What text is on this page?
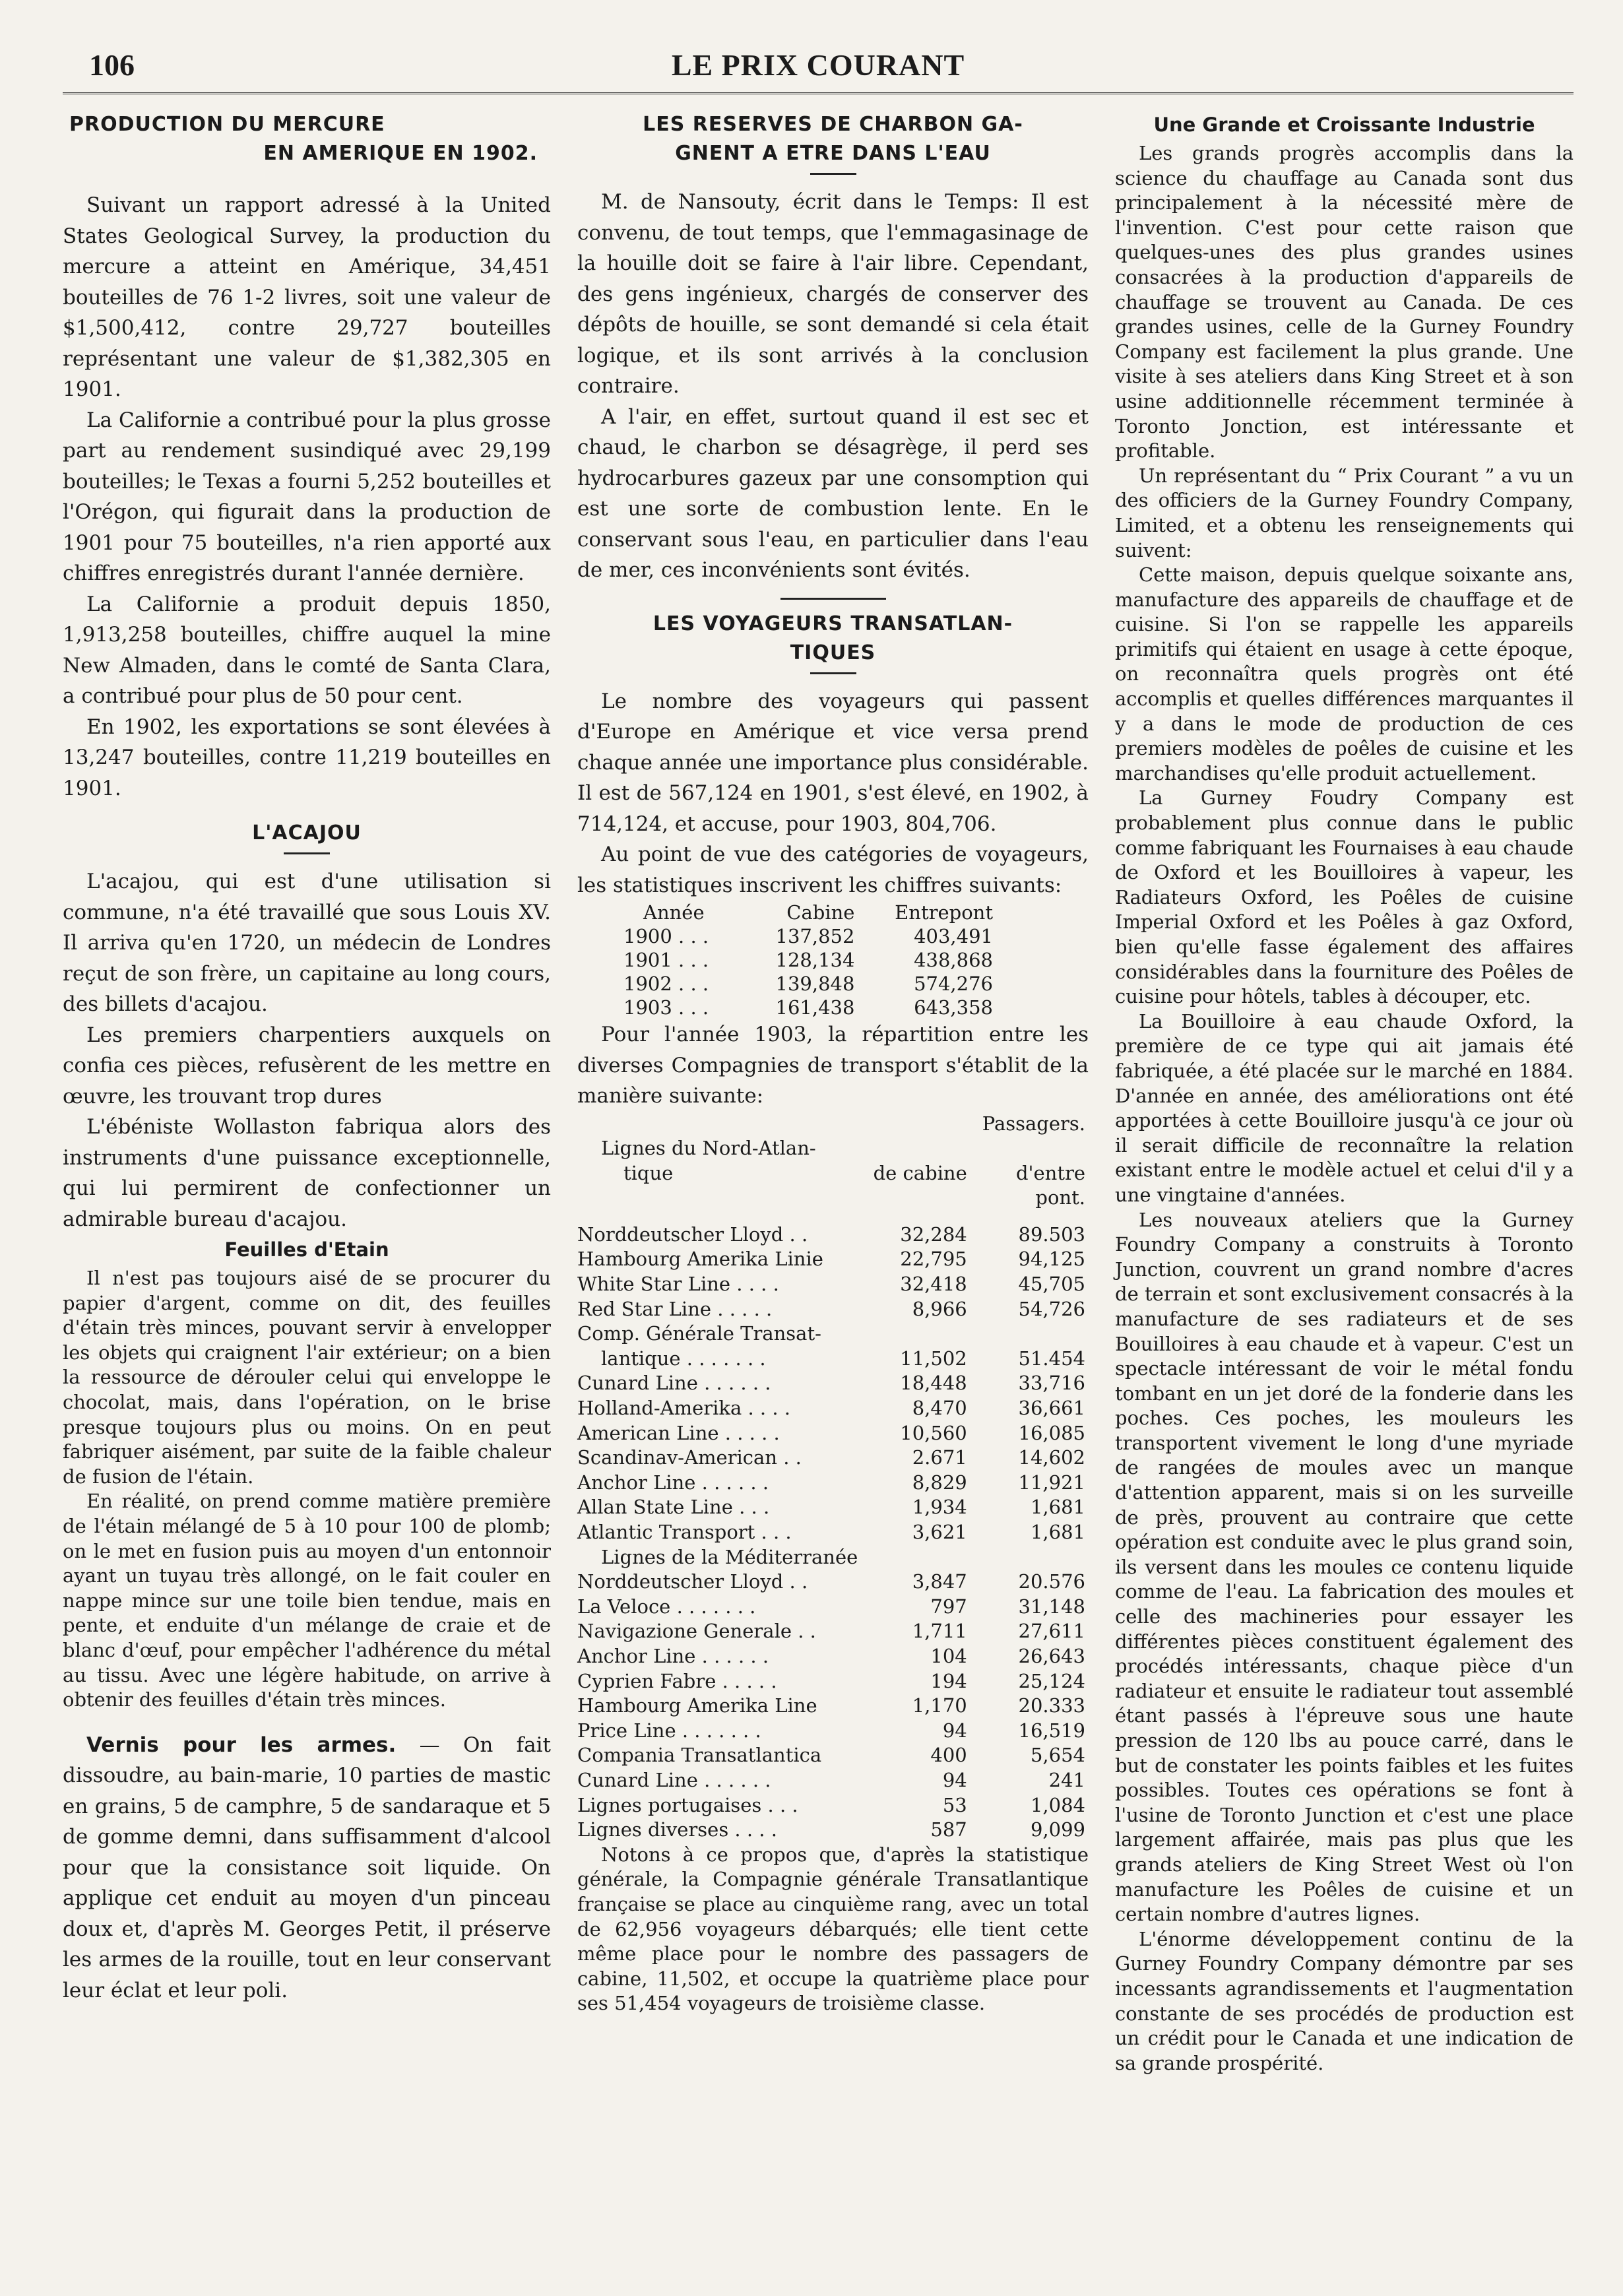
106	LE PRIX COURANT
PRODUCTION DU MERCURE
EN AMERIQUE EN 1902.

Suivant un rapport adressé à la United States Geological Survey, la production du mercure a atteint en Amérique, 34,451 bouteilles de 76 1-2 livres, soit une valeur de $1,500,412, contre 29,727 bouteilles représentant une valeur de $1,382,305 en 1901.

La Californie a contribué pour la plus grosse part au rendement susindiqué avec 29,199 bouteilles; le Texas a fourni 5,252 bouteilles et l'Orégon, qui figurait dans la production de 1901 pour 75 bouteilles, n'a rien apporté aux chiffres enregistrés durant l'année dernière.

La Californie a produit depuis 1850, 1,913,258 bouteilles, chiffre auquel la mine New Almaden, dans le comté de Santa Clara, a contribué pour plus de 50 pour cent.

En 1902, les exportations se sont élevées à 13,247 bouteilles, contre 11,219 bouteilles en 1901.

L'ACAJOU

L'acajou, qui est d'une utilisation si commune, n'a été travaillé que sous Louis XV. Il arriva qu'en 1720, un médecin de Londres reçut de son frère, un capitaine au long cours, des billets d'acajou.

Les premiers charpentiers auxquels on confia ces pièces, refusèrent de les mettre en œuvre, les trouvant trop dures

L'ébéniste Wollaston fabriqua alors des instruments d'une puissance exceptionnelle, qui lui permirent de confectionner un admirable bureau d'acajou.

Feuilles d'Etain

Il n'est pas toujours aisé de se procurer du papier d'argent, comme on dit, des feuilles d'étain très minces, pouvant servir à envelopper les objets qui craignent l'air extérieur; on a bien la ressource de dérouler celui qui enveloppe le chocolat, mais, dans l'opération, on le brise presque toujours plus ou moins. On en peut fabriquer aisément, par suite de la faible chaleur de fusion de l'étain.

En réalité, on prend comme matière première de l'étain mélangé de 5 à 10 pour 100 de plomb; on le met en fusion puis au moyen d'un entonnoir ayant un tuyau très allongé, on le fait couler en nappe mince sur une toile bien tendue, mais en pente, et enduite d'un mélange de craie et de blanc d'œuf, pour empêcher l'adhérence du métal au tissu. Avec une légère habitude, on arrive à obtenir des feuilles d'étain très minces.

Vernis pour les armes. — On fait dissoudre, au bain-marie, 10 parties de mastic en grains, 5 de camphre, 5 de sandaraque et 5 de gomme demni, dans suffisamment d'alcool pour que la consistance soit liquide. On applique cet enduit au moyen d'un pinceau doux et, d'après M. Georges Petit, il préserve les armes de la rouille, tout en leur conservant leur éclat et leur poli.
LES RESERVES DE CHARBON GA-
GNENT A ETRE DANS L'EAU

M. de Nansouty, écrit dans le Temps: Il est convenu, de tout temps, que l'emmagasinage de la houille doit se faire à l'air libre. Cependant, des gens ingénieux, chargés de conserver des dépôts de houille, se sont demandé si cela était logique, et ils sont arrivés à la conclusion contraire.

A l'air, en effet, surtout quand il est sec et chaud, le charbon se désagrège, il perd ses hydrocarbures gazeux par une consomption qui est une sorte de combustion lente. En le conservant sous l'eau, en particulier dans l'eau de mer, ces inconvénients sont évités.

LES VOYAGEURS TRANSATLAN-
TIQUES

Le nombre des voyageurs qui passent d'Europe en Amérique et vice versa prend chaque année une importance plus considérable. Il est de 567,124 en 1901, s'est élevé, en 1902, à 714,124, et accuse, pour 1903, 804,706.

Au point de vue des catégories de voyageurs, les statistiques inscrivent les chiffres suivants:

Année	Cabine	Entrepont
1900 . . .	137,852	403,491
1901 . . .	128,134	438,868
1902 . . .	139,848	574,276
1903 . . .	161,438	643,358

Pour l'année 1903, la répartition entre les diverses Compagnies de transport s'établit de la manière suivante:

		Passagers.
Lignes du Nord-Atlan-		
tique	de cabine	d'entre
		pont.

Norddeutscher Lloyd . .	32,284	89.503
Hambourg Amerika Linie	22,795	94,125
White Star Line . . . .	32,418	45,705
Red Star Line . . . . .	8,966	54,726
Comp. Générale Transat-		
lantique . . . . . . .	11,502	51.454
Cunard Line . . . . . .	18,448	33,716
Holland-Amerika . . . .	8,470	36,661
American Line . . . . .	10,560	16,085
Scandinav-American . .	2.671	14,602
Anchor Line . . . . . .	8,829	11,921
Allan State Line . . .	1,934	1,681
Atlantic Transport . . .	3,621	1,681
Lignes de la Méditerranée		
Norddeutscher Lloyd . .	3,847	20.576
La Veloce . . . . . . .	797	31,148
Navigazione Generale . .	1,711	27,611
Anchor Line . . . . . .	104	26,643
Cyprien Fabre . . . . .	194	25,124
Hambourg Amerika Line	1,170	20.333
Price Line . . . . . . .	94	16,519
Compania Transatlantica	400	5,654
Cunard Line . . . . . .	94	241
Lignes portugaises . . .	53	1,084
Lignes diverses . . . .	587	9,099

Notons à ce propos que, d'après la statistique générale, la Compagnie générale Transatlantique française se place au cinquième rang, avec un total de 62,956 voyageurs débarqués; elle tient cette même place pour le nombre des passagers de cabine, 11,502, et occupe la quatrième place pour ses 51,454 voyageurs de troisième classe.

Une Grande et Croissante Industrie

Les grands progrès accomplis dans la science du chauffage au Canada sont dus principalement à la nécessité mère de l'invention. C'est pour cette raison que quelques-unes des plus grandes usines consacrées à la production d'appareils de chauffage se trouvent au Canada. De ces grandes usines, celle de la Gurney Foundry Company est facilement la plus grande. Une visite à ses ateliers dans King Street et à son usine additionnelle récemment terminée à Toronto Jonction, est intéressante et profitable.

Un représentant du “ Prix Courant ” a vu un des officiers de la Gurney Foundry Company, Limited, et a obtenu les renseignements qui suivent:

Cette maison, depuis quelque soixante ans, manufacture des appareils de chauffage et de cuisine. Si l'on se rappelle les appareils primitifs qui étaient en usage à cette époque, on reconnaîtra quels progrès ont été accomplis et quelles différences marquantes il y a dans le mode de production de ces premiers modèles de poêles de cuisine et les marchandises qu'elle produit actuellement.

La Gurney Foudry Company est probablement plus connue dans le public comme fabriquant les Fournaises à eau chaude de Oxford et les Bouilloires à vapeur, les Radiateurs Oxford, les Poêles de cuisine Imperial Oxford et les Poêles à gaz Oxford, bien qu'elle fasse également des affaires considérables dans la fourniture des Poêles de cuisine pour hôtels, tables à découper, etc.

La Bouilloire à eau chaude Oxford, la première de ce type qui ait jamais été fabriquée, a été placée sur le marché en 1884. D'année en année, des améliorations ont été apportées à cette Bouilloire jusqu'à ce jour où il serait difficile de reconnaître la relation existant entre le modèle actuel et celui d'il y a une vingtaine d'années.

Les nouveaux ateliers que la Gurney Foundry Company a construits à Toronto Junction, couvrent un grand nombre d'acres de terrain et sont exclusivement consacrés à la manufacture de ses radiateurs et de ses Bouilloires à eau chaude et à vapeur. C'est un spectacle intéressant de voir le métal fondu tombant en un jet doré de la fonderie dans les poches. Ces poches, les mouleurs les transportent vivement le long d'une myriade de rangées de moules avec un manque d'attention apparent, mais si on les surveille de près, prouvent au contraire que cette opération est conduite avec le plus grand soin, ils versent dans les moules ce contenu liquide comme de l'eau. La fabrication des moules et celle des machineries pour essayer les différentes pièces constituent également des procédés intéressants, chaque pièce d'un radiateur et ensuite le radiateur tout assemblé étant passés à l'épreuve sous une haute pression de 120 lbs au pouce carré, dans le but de constater les points faibles et les fuites possibles. Toutes ces opérations se font à l'usine de Toronto Junction et c'est une place largement affairée, mais pas plus que les grands ateliers de King Street West où l'on manufacture les Poêles de cuisine et un certain nombre d'autres lignes.

L'énorme développement continu de la Gurney Foundry Company démontre par ses incessants agrandissements et l'augmentation constante de ses procédés de production est un crédit pour le Canada et une indication de sa grande prospérité.
